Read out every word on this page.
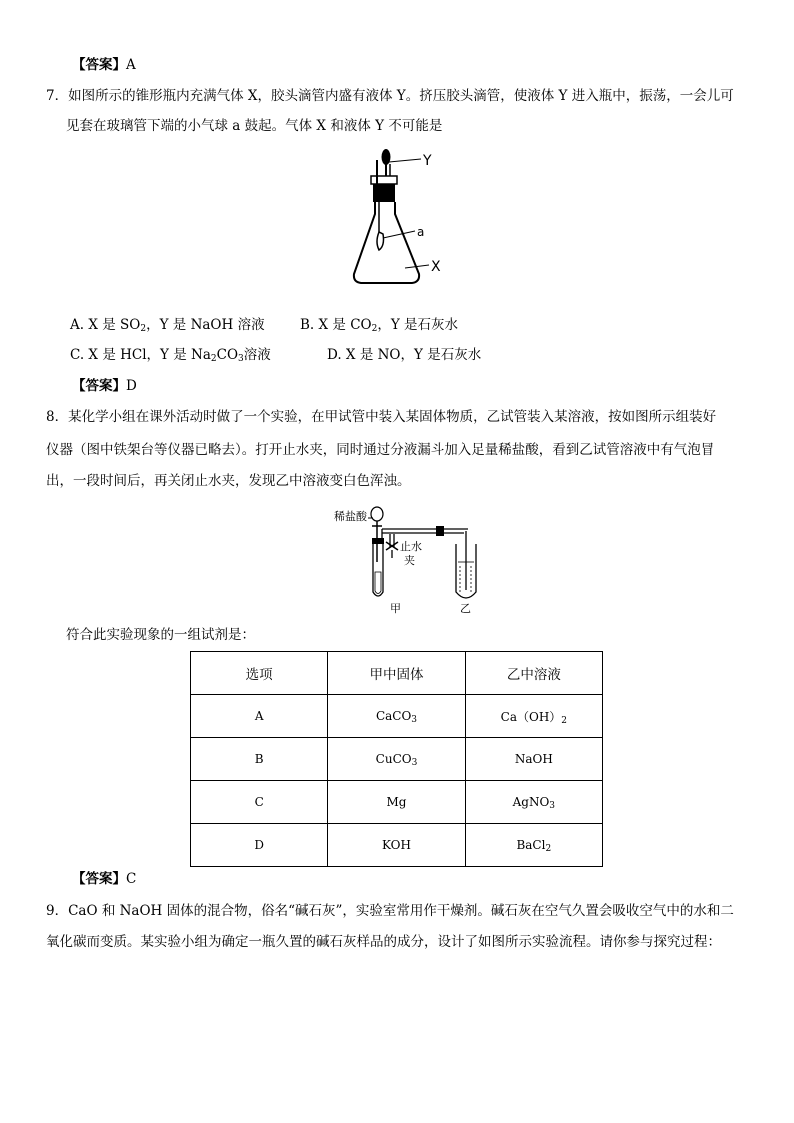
【答案】A
7．如图所示的锥形瓶内充满气体 X，胶头滴管内盛有液体 Y。挤压胶头滴管，使液体 Y 进入瓶中，振荡，一会儿可
见套在玻璃管下端的小气球 a 鼓起。气体 X 和液体 Y 不可能是
Y
a
X
A. X 是 $SO_2$，Y 是 NaOH 溶液	B. X 是 $CO_2$，Y 是石灰水
C. X 是 HCl，Y 是 $Na_2CO_3$溶液	D. X 是 NO，Y 是石灰水
【答案】D
8．某化学小组在课外活动时做了一个实验，在甲试管中装入某固体物质，乙试管装入某溶液，按如图所示组装好
仪器（图中铁架台等仪器已略去）。打开止水夹，同时通过分液漏斗加入足量稀盐酸，看到乙试管溶液中有气泡冒
出，一段时间后，再关闭止水夹，发现乙中溶液变白色浑浊。
稀盐酸
止水
夹
甲	乙
符合此实验现象的一组试剂是：
选项	甲中固体	乙中溶液
A	CaCO$_3$	$Ca(OH)_2$
B	CuCO$_3$	NaOH
C	Mg	AgNO$_3$
D	KOH	BaCl$_2$
【答案】C
9．CaO 和 NaOH 固体的混合物，俗名“碱石灰”，实验室常用作干燥剂。碱石灰在空气久置会吸收空气中的水和二
氧化碳而变质。某实验小组为确定一瓶久置的碱石灰样品的成分，设计了如图所示实验流程。请你参与探究过程：
